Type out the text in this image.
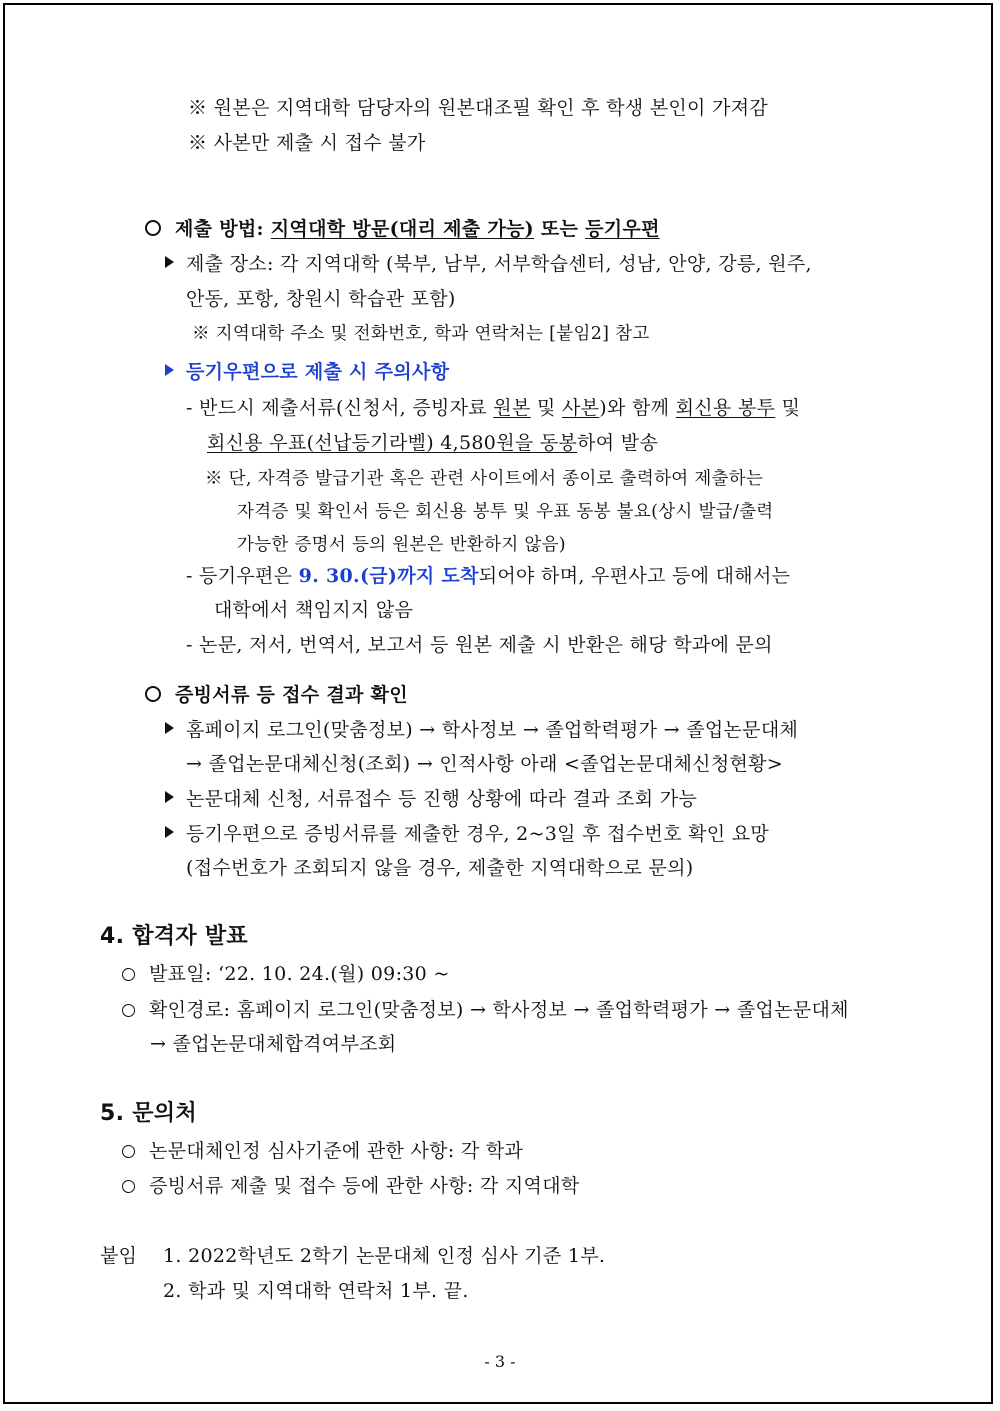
※ 원본은 지역대학 담당자의 원본대조필 확인 후 학생 본인이 가져감
※ 사본만 제출 시 접수 불가
제출 방법: 지역대학 방문(대리 제출 가능) 또는 등기우편
제출 장소: 각 지역대학 (북부, 남부, 서부학습센터, 성남, 안양, 강릉, 원주,
안동, 포항, 창원시 학습관 포함)
※ 지역대학 주소 및 전화번호, 학과 연락처는 [붙임2] 참고
등기우편으로 제출 시 주의사항
- 반드시 제출서류(신청서, 증빙자료 원본 및 사본)와 함께 회신용 봉투 및
회신용 우표(선납등기라벨) 4,580원을 동봉하여 발송
※ 단, 자격증 발급기관 혹은 관련 사이트에서 종이로 출력하여 제출하는
자격증 및 확인서 등은 회신용 봉투 및 우표 동봉 불요(상시 발급/출력
가능한 증명서 등의 원본은 반환하지 않음)
- 등기우편은 9. 30.(금)까지 도착되어야 하며, 우편사고 등에 대해서는
대학에서 책임지지 않음
- 논문, 저서, 번역서, 보고서 등 원본 제출 시 반환은 해당 학과에 문의
증빙서류 등 접수 결과 확인
홈페이지 로그인(맞춤정보) → 학사정보 → 졸업학력평가 → 졸업논문대체
→ 졸업논문대체신청(조회) → 인적사항 아래 <졸업논문대체신청현황>
논문대체 신청, 서류접수 등 진행 상황에 따라 결과 조회 가능
등기우편으로 증빙서류를 제출한 경우, 2~3일 후 접수번호 확인 요망
(접수번호가 조회되지 않을 경우, 제출한 지역대학으로 문의)
4. 합격자 발표
발표일: ‘22. 10. 24.(월) 09:30 ~
확인경로: 홈페이지 로그인(맞춤정보) → 학사정보 → 졸업학력평가 → 졸업논문대체
→ 졸업논문대체합격여부조회
5. 문의처
논문대체인정 심사기준에 관한 사항: 각 학과
증빙서류 제출 및 접수 등에 관한 사항: 각 지역대학
붙임 1. 2022학년도 2학기 논문대체 인정 심사 기준 1부.
2. 학과 및 지역대학 연락처 1부. 끝.
- 3 -
